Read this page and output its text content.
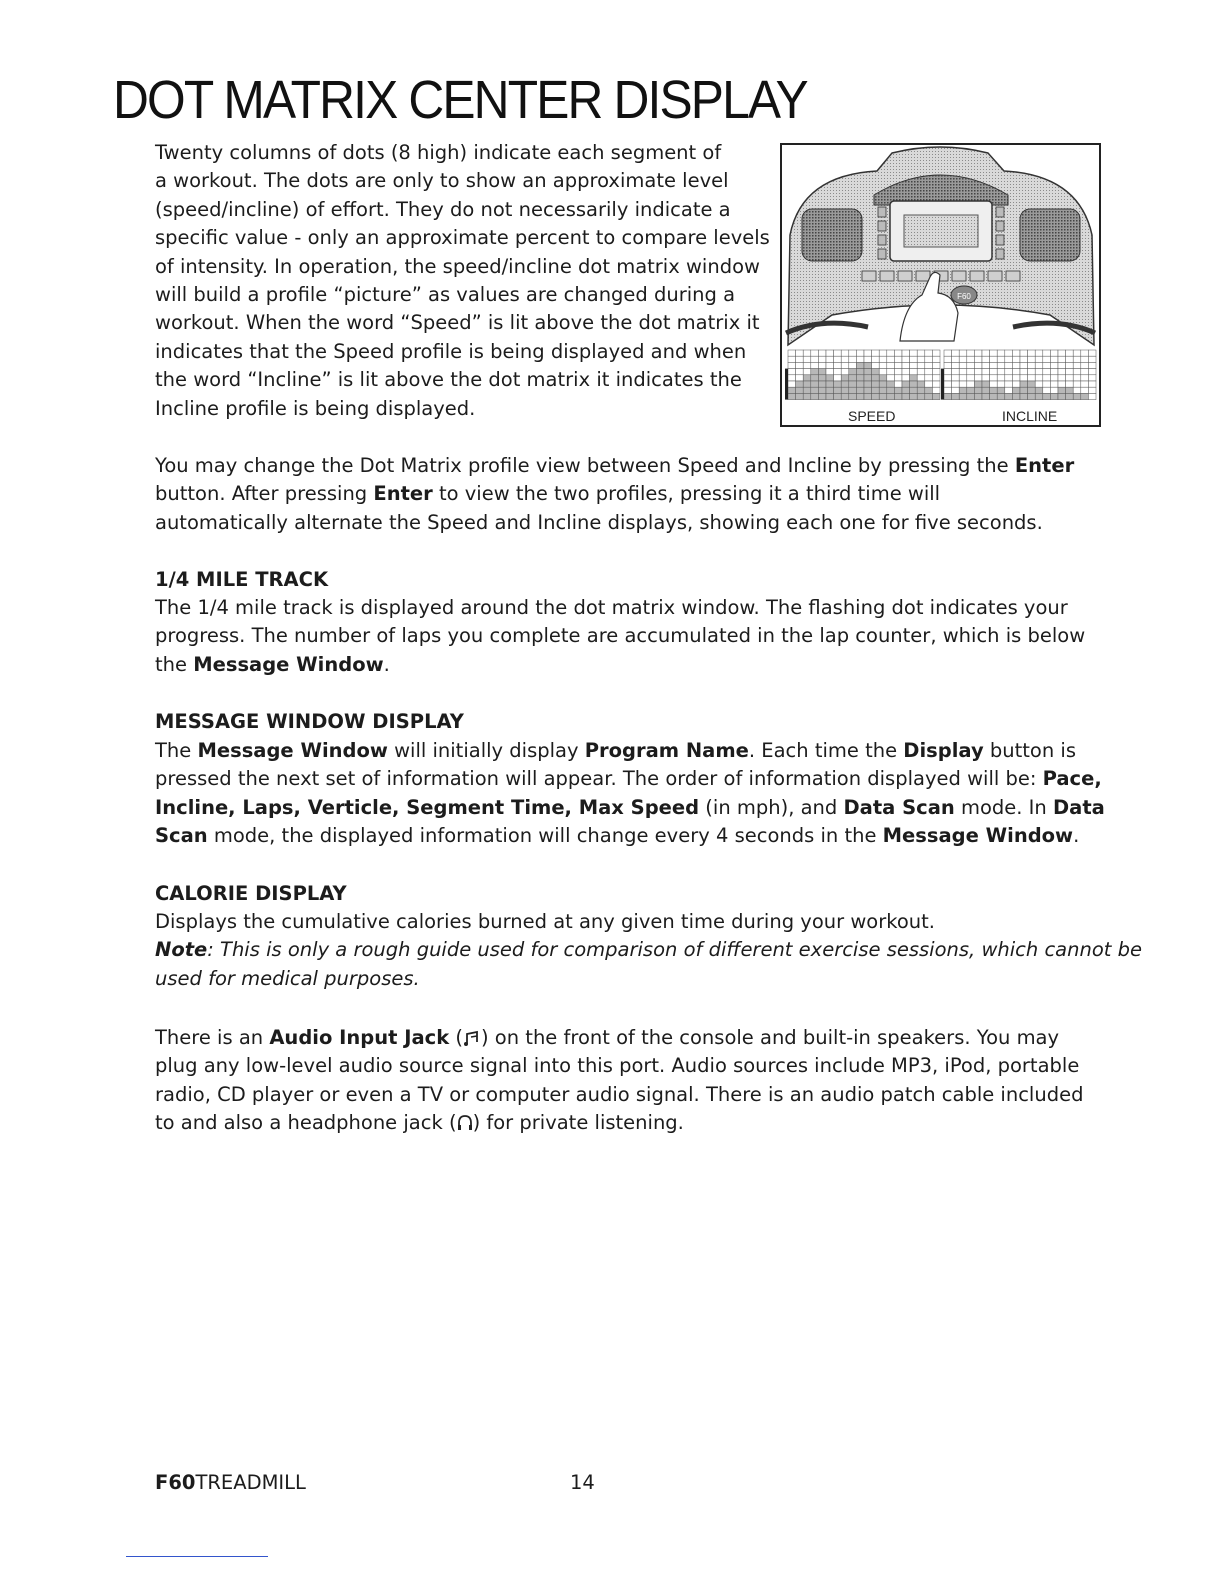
DOT MATRIX CENTER DISPLAY
Twenty columns of dots (8 high) indicate each segment of
a workout. The dots are only to show an approximate level
(speed/incline) of effort. They do not necessarily indicate a
specific value - only an approximate percent to compare levels
of intensity. In operation, the speed/incline dot matrix window
will build a profile “picture” as values are changed during a
workout. When the word “Speed” is lit above the dot matrix it
indicates that the Speed profile is being displayed and when
the word “Incline” is lit above the dot matrix it indicates the
Incline profile is being displayed.
F60
SPEED	INCLINE
You may change the Dot Matrix profile view between Speed and Incline by pressing the Enter
button. After pressing Enter to view the two profiles, pressing it a third time will
automatically alternate the Speed and Incline displays, showing each one for five seconds.
1/4 MILE TRACK
The 1/4 mile track is displayed around the dot matrix window. The flashing dot indicates your
progress. The number of laps you complete are accumulated in the lap counter, which is below
the Message Window.
MESSAGE WINDOW DISPLAY
The Message Window will initially display Program Name. Each time the Display button is
pressed the next set of information will appear. The order of information displayed will be: Pace,
Incline, Laps, Verticle, Segment Time, Max Speed (in mph), and Data Scan mode. In Data
Scan mode, the displayed information will change every 4 seconds in the Message Window.
CALORIE DISPLAY
Displays the cumulative calories burned at any given time during your workout.
Note: This is only a rough guide used for comparison of different exercise sessions, which cannot be
used for medical purposes.
There is an Audio Input Jack ( ) on the front of the console and built-in speakers. You may
plug any low-level audio source signal into this port. Audio sources include MP3, iPod, portable
radio, CD player or even a TV or computer audio signal. There is an audio patch cable included
to and also a headphone jack ( ) for private listening.
F60TREADMILL	14
